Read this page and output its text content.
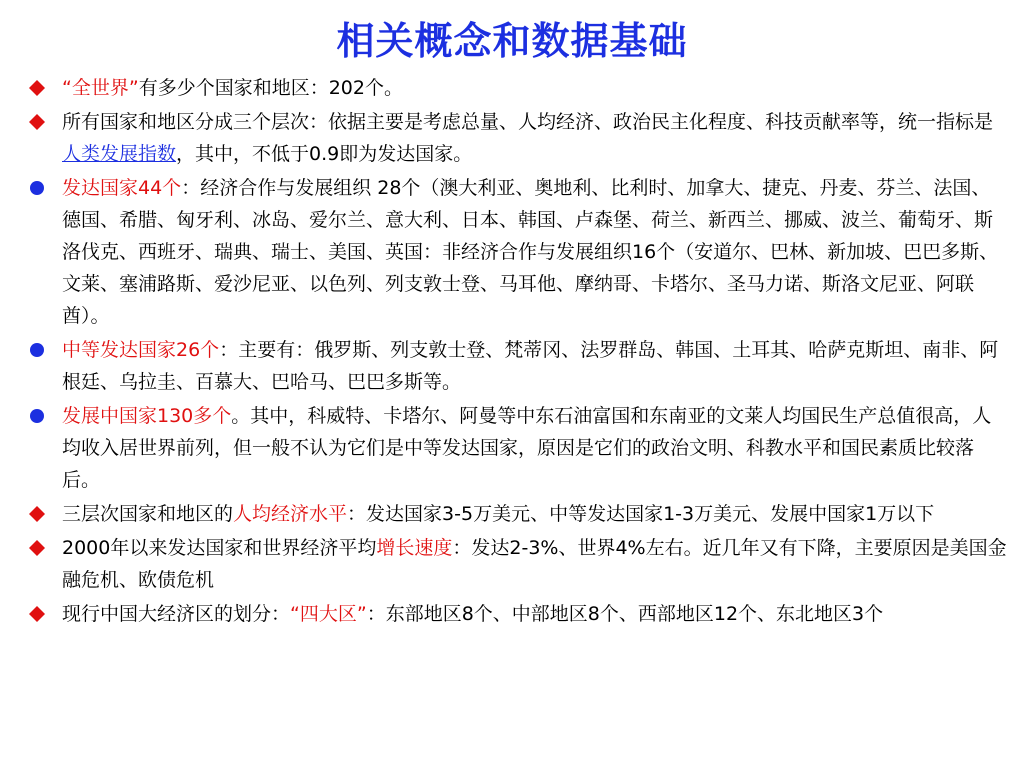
相关概念和数据基础
“全世界”有多少个国家和地区：202个。
所有国家和地区分成三个层次：依据主要是考虑总量、人均经济、政治民主化程度、科技贡献率等，统一指标是人类发展指数，其中，不低于0.9即为发达国家。
发达国家44个：经济合作与发展组织 28个（澳大利亚、奥地利、比利时、加拿大、捷克、丹麦、芬兰、法国、德国、希腊、匈牙利、冰岛、爱尔兰、意大利、日本、韩国、卢森堡、荷兰、新西兰、挪威、波兰、葡萄牙、斯洛伐克、西班牙、瑞典、瑞士、美国、英国：非经济合作与发展组织16个（安道尔、巴林、新加坡、巴巴多斯、文莱、塞浦路斯、爱沙尼亚、以色列、列支敦士登、马耳他、摩纳哥、卡塔尔、圣马力诺、斯洛文尼亚、阿联酋）。
中等发达国家26个：主要有：俄罗斯、列支敦士登、梵蒂冈、法罗群岛、韩国、土耳其、哈萨克斯坦、南非、阿根廷、乌拉圭、百慕大、巴哈马、巴巴多斯等。
发展中国家130多个。其中，科威特、卡塔尔、阿曼等中东石油富国和东南亚的文莱人均国民生产总值很高，人均收入居世界前列，但一般不认为它们是中等发达国家，原因是它们的政治文明、科教水平和国民素质比较落后。
三层次国家和地区的人均经济水平：发达国家3-5万美元、中等发达国家1-3万美元、发展中国家1万以下
2000年以来发达国家和世界经济平均增长速度：发达2-3%、世界4%左右。近几年又有下降，主要原因是美国金融危机、欧债危机
现行中国大经济区的划分：“四大区”：东部地区8个、中部地区8个、西部地区12个、东北地区3个
